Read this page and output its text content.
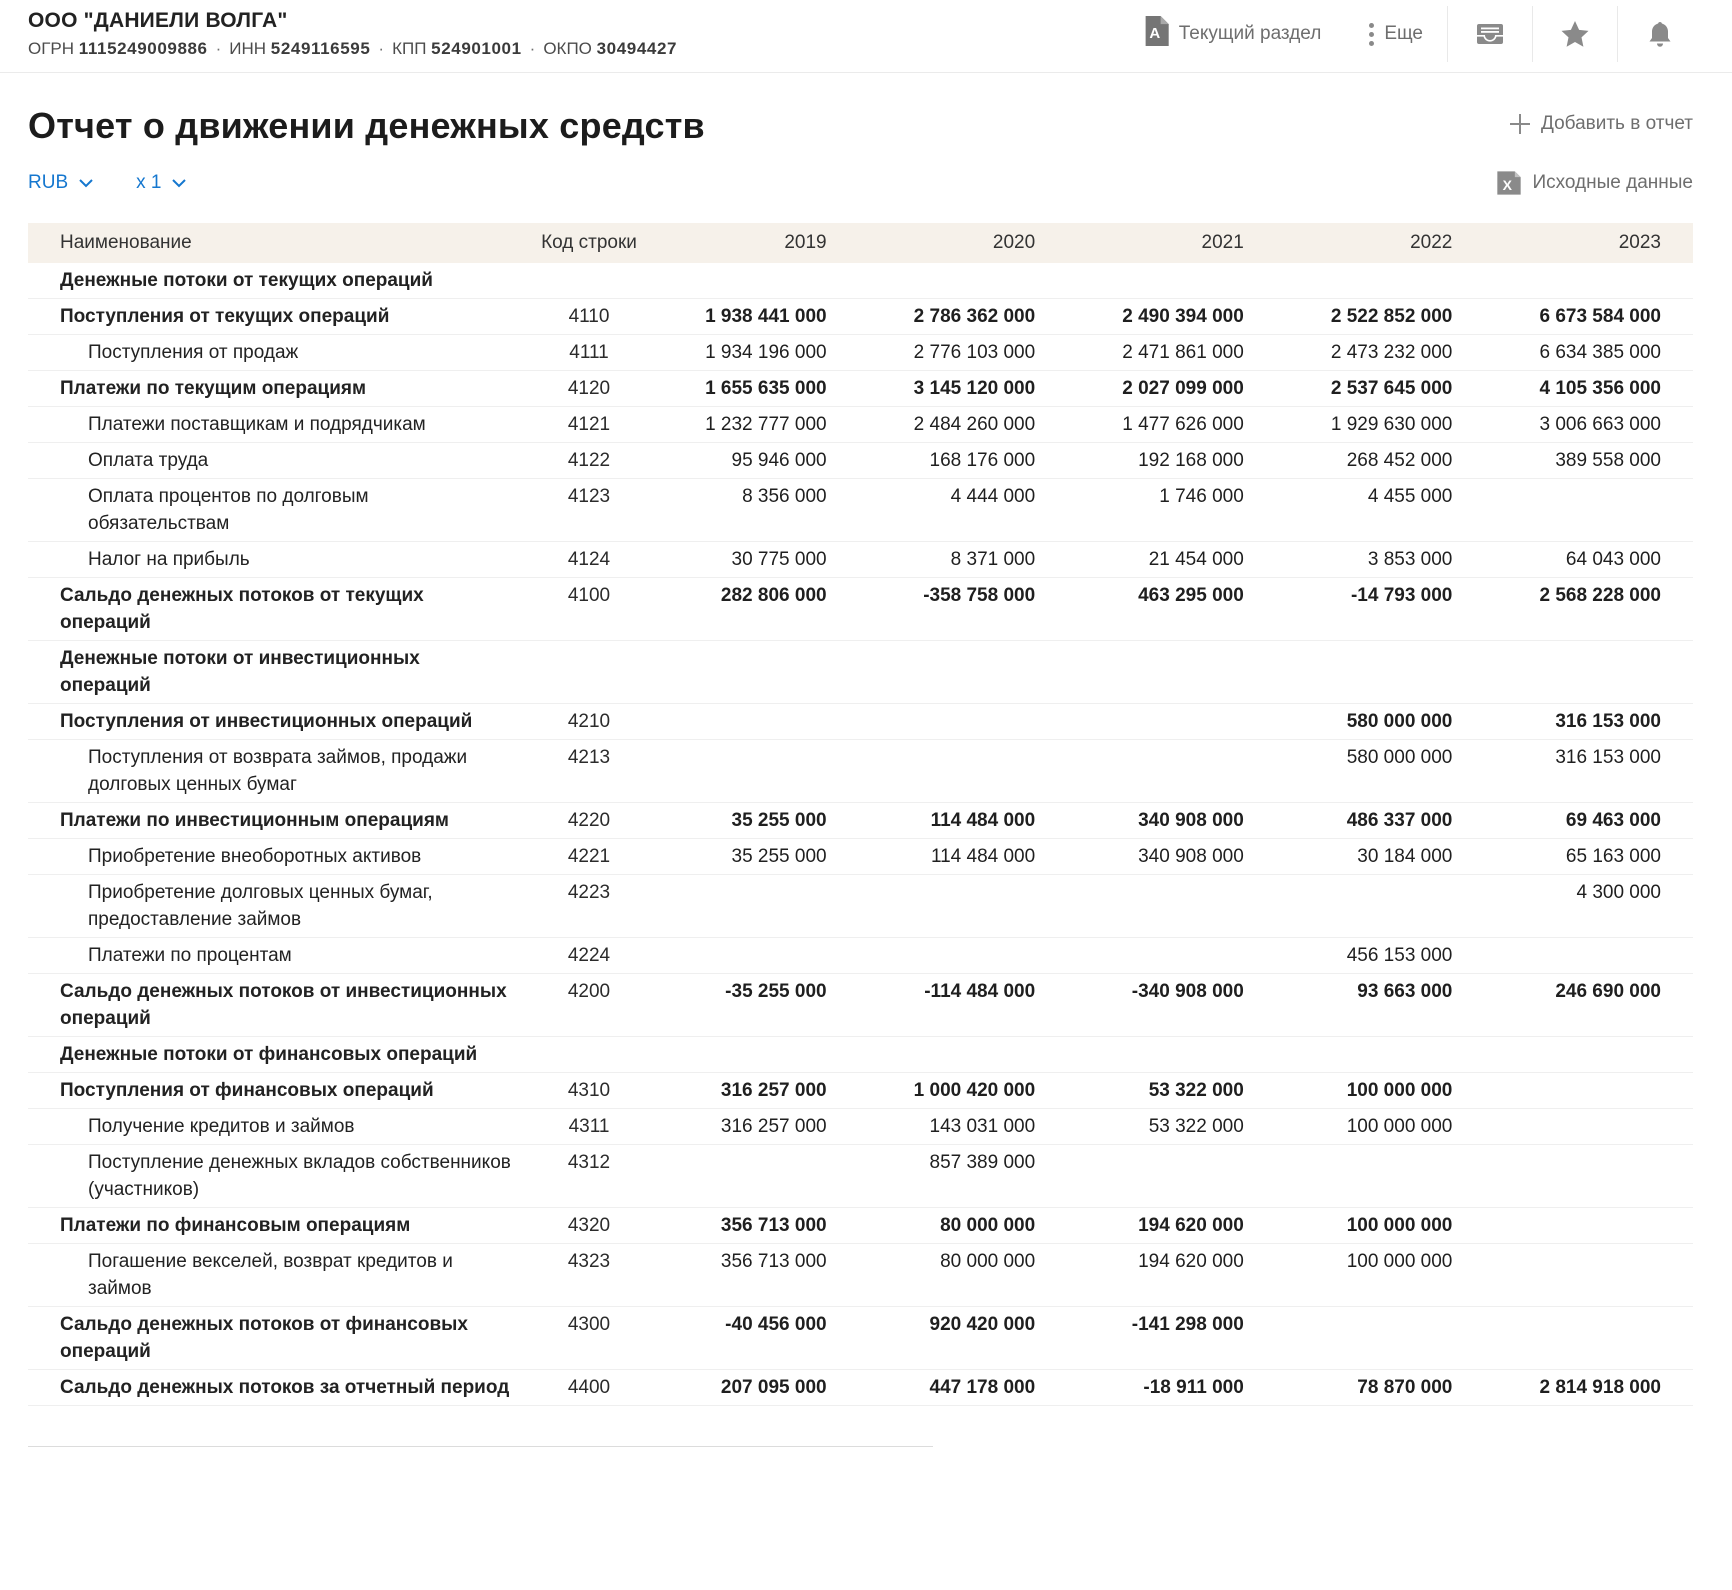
ООО "ДАНИЕЛИ ВОЛГА"
ОГРН 1115249009886 · ИНН 5249116595 · КПП 524901001 · ОКПО 30494427
A Текущий раздел	Еще
Отчет о движении денежных средств	Добавить в отчет
RUB	x 1	X Исходные данные
Наименование	Код строки	2019	2020	2021	2022	2023
Денежные потоки от текущих операций						
Поступления от текущих операций	4110	1 938 441 000	2 786 362 000	2 490 394 000	2 522 852 000	6 673 584 000
Поступления от продаж	4111	1 934 196 000	2 776 103 000	2 471 861 000	2 473 232 000	6 634 385 000
Платежи по текущим операциям	4120	1 655 635 000	3 145 120 000	2 027 099 000	2 537 645 000	4 105 356 000
Платежи поставщикам и подрядчикам	4121	1 232 777 000	2 484 260 000	1 477 626 000	1 929 630 000	3 006 663 000
Оплата труда	4122	95 946 000	168 176 000	192 168 000	268 452 000	389 558 000
Оплата процентов по долговым обязательствам	4123	8 356 000	4 444 000	1 746 000	4 455 000	
Налог на прибыль	4124	30 775 000	8 371 000	21 454 000	3 853 000	64 043 000
Сальдо денежных потоков от текущих операций	4100	282 806 000	-358 758 000	463 295 000	-14 793 000	2 568 228 000
Денежные потоки от инвестиционных операций						
Поступления от инвестиционных операций	4210				580 000 000	316 153 000
Поступления от возврата займов, продажи долговых ценных бумаг	4213				580 000 000	316 153 000
Платежи по инвестиционным операциям	4220	35 255 000	114 484 000	340 908 000	486 337 000	69 463 000
Приобретение внеоборотных активов	4221	35 255 000	114 484 000	340 908 000	30 184 000	65 163 000
Приобретение долговых ценных бумаг, предоставление займов	4223					4 300 000
Платежи по процентам	4224				456 153 000	
Сальдо денежных потоков от инвестиционных операций	4200	-35 255 000	-114 484 000	-340 908 000	93 663 000	246 690 000
Денежные потоки от финансовых операций						
Поступления от финансовых операций	4310	316 257 000	1 000 420 000	53 322 000	100 000 000	
Получение кредитов и займов	4311	316 257 000	143 031 000	53 322 000	100 000 000	
Поступление денежных вкладов собственников (участников)	4312		857 389 000			
Платежи по финансовым операциям	4320	356 713 000	80 000 000	194 620 000	100 000 000	
Погашение векселей, возврат кредитов и займов	4323	356 713 000	80 000 000	194 620 000	100 000 000	
Сальдо денежных потоков от финансовых операций	4300	-40 456 000	920 420 000	-141 298 000		
Сальдо денежных потоков за отчетный период	4400	207 095 000	447 178 000	-18 911 000	78 870 000	2 814 918 000
